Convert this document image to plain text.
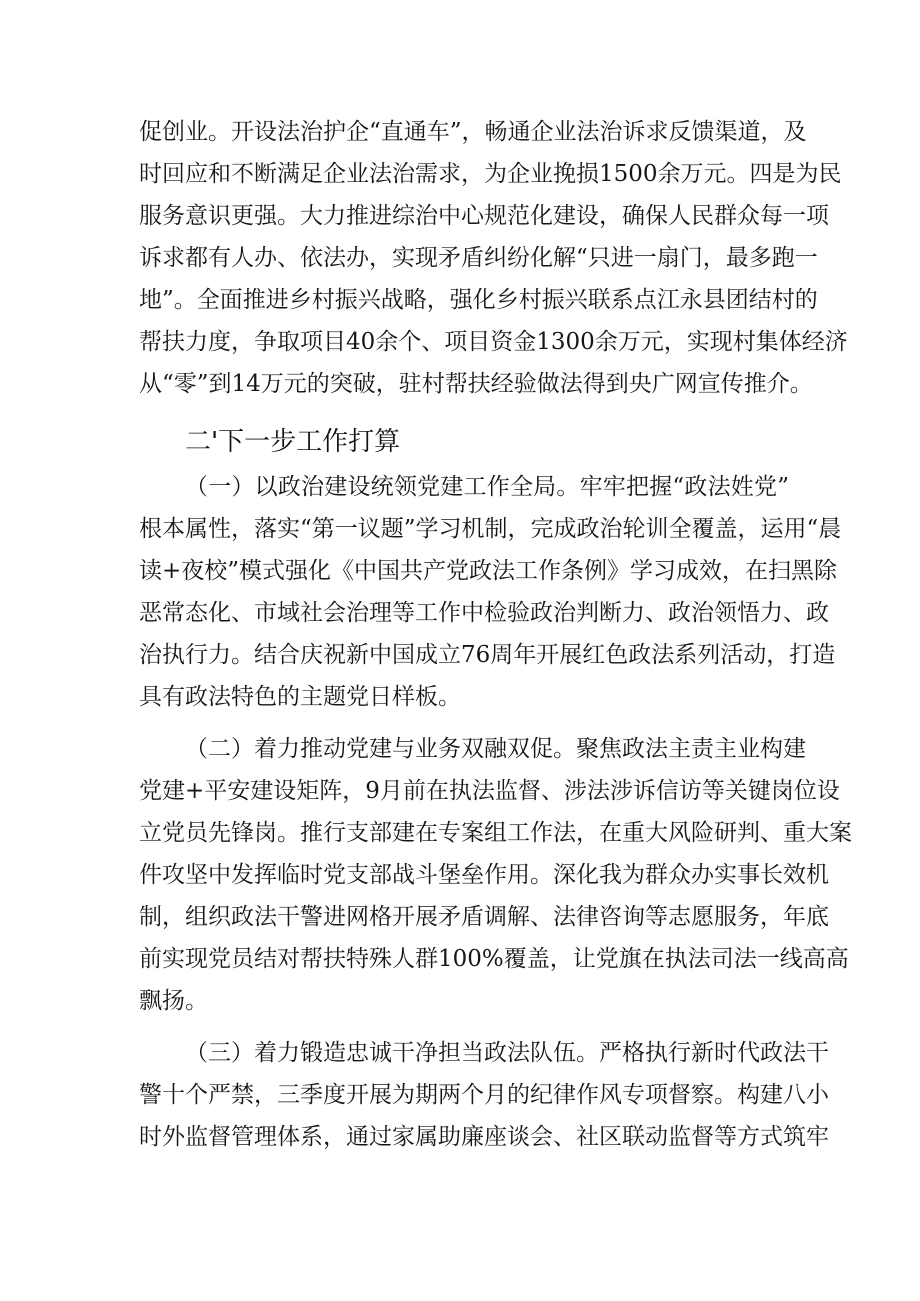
促创业。开设法治护企“直通车”，畅通企业法治诉求反馈渠道，及
时回应和不断满足企业法治需求，为企业挽损1500余万元。四是为民
服务意识更强。大力推进综治中心规范化建设，确保人民群众每一项
诉求都有人办、依法办，实现矛盾纠纷化解“只进一扇门，最多跑一
地”。全面推进乡村振兴战略，强化乡村振兴联系点江永县团结村的
帮扶力度，争取项目40余个、项目资金1300余万元，实现村集体经济
从“零”到14万元的突破，驻村帮扶经验做法得到央广网宣传推介。
二'下一步工作打算
（一）以政治建设统领党建工作全局。牢牢把握“政法姓党”
根本属性，落实“第一议题”学习机制，完成政治轮训全覆盖，运用“晨
读+夜校”模式强化《中国共产党政法工作条例》学习成效，在扫黑除
恶常态化、市域社会治理等工作中检验政治判断力、政治领悟力、政
治执行力。结合庆祝新中国成立76周年开展红色政法系列活动，打造
具有政法特色的主题党日样板。
（二）着力推动党建与业务双融双促。聚焦政法主责主业构建
党建+平安建设矩阵，9月前在执法监督、涉法涉诉信访等关键岗位设
立党员先锋岗。推行支部建在专案组工作法，在重大风险研判、重大案
件攻坚中发挥临时党支部战斗堡垒作用。深化我为群众办实事长效机
制，组织政法干警进网格开展矛盾调解、法律咨询等志愿服务，年底
前实现党员结对帮扶特殊人群100%覆盖，让党旗在执法司法一线高高
飘扬。
（三）着力锻造忠诚干净担当政法队伍。严格执行新时代政法干
警十个严禁，三季度开展为期两个月的纪律作风专项督察。构建八小
时外监督管理体系，通过家属助廉座谈会、社区联动监督等方式筑牢
